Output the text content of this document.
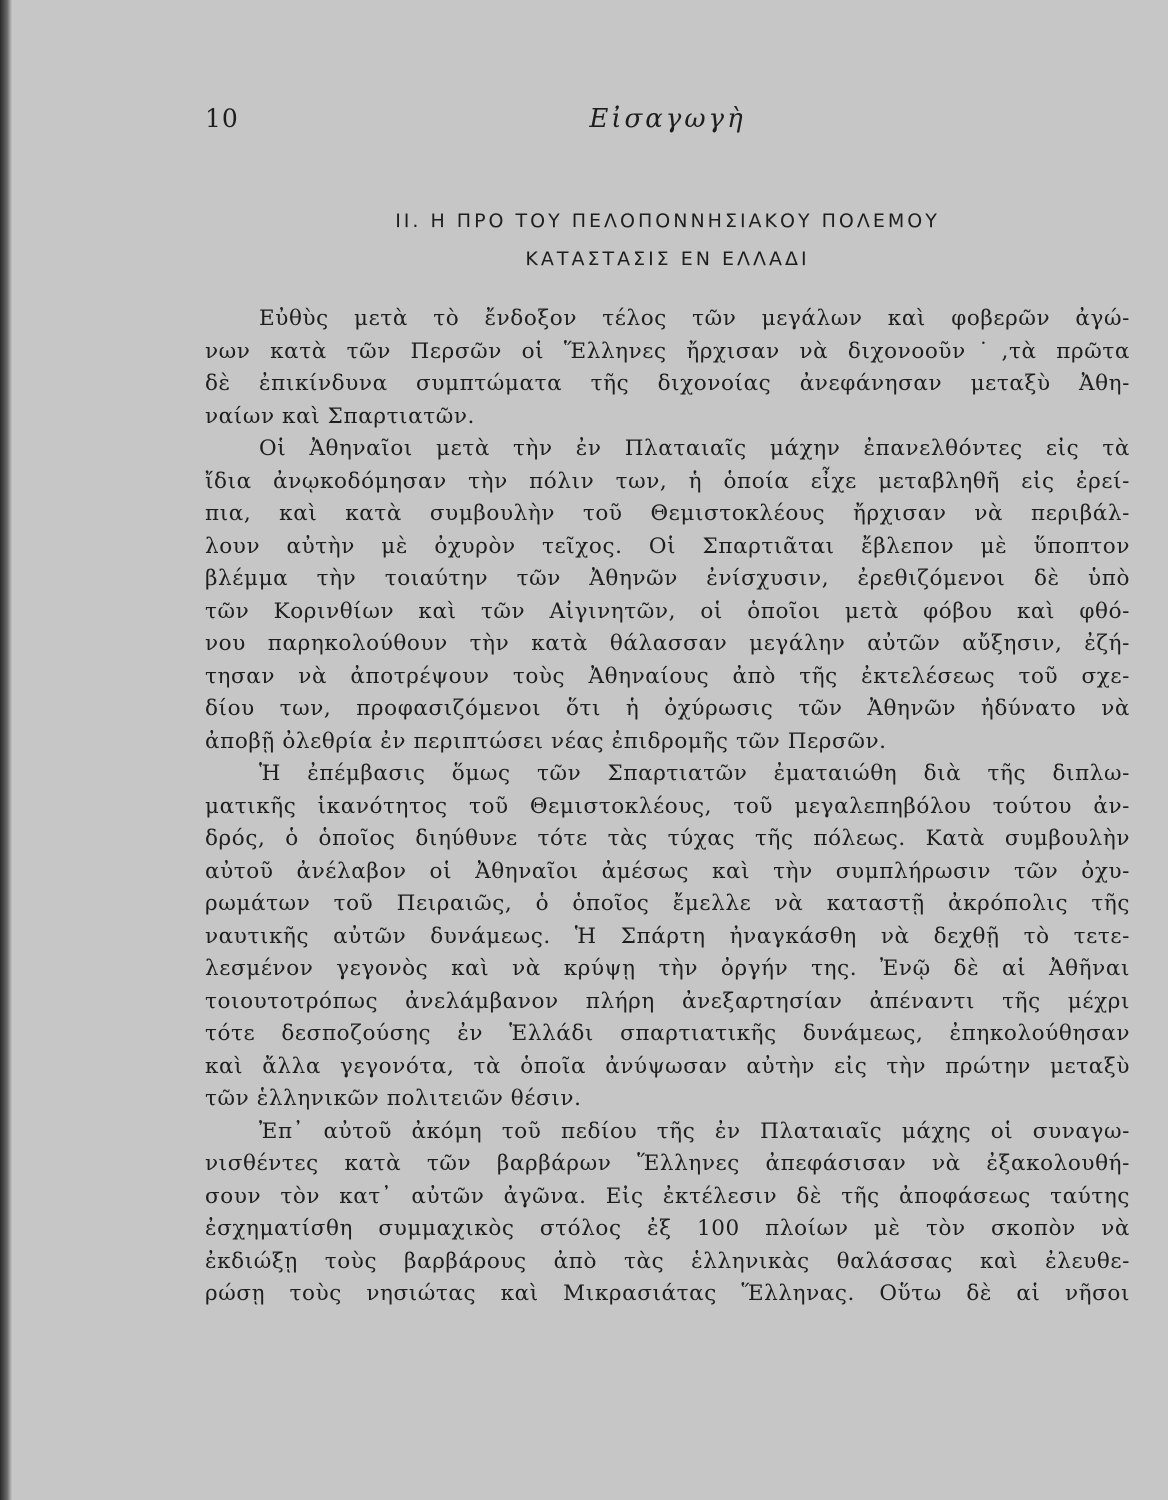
10	Εἰσαγωγὴ
ΙΙ. Η ΠΡΟ ΤΟΥ ΠΕΛΟΠΟΝΝΗΣΙΑΚΟΥ ΠΟΛΕΜΟΥ
ΚΑΤΑΣΤΑΣΙΣ ΕΝ ΕΛΛΑΔΙ
Εὐθὺς μετὰ τὸ ἔνδοξον τέλος τῶν μεγάλων καὶ φοβερῶν ἀγώ-
νων κατὰ τῶν Περσῶν οἱ Ἕλληνες ἤρχισαν νὰ διχονοοῦν˙,τὰ πρῶτα
δὲ ἐπικίνδυνα συμπτώματα τῆς διχονοίας ἀνεφάνησαν μεταξὺ Ἀθη-
ναίων καὶ Σπαρτιατῶν.
Οἱ Ἀθηναῖοι μετὰ τὴν ἐν Πλαταιαῖς μάχην ἐπανελθόντες εἰς τὰ
ἴδια ἀνῳκοδόμησαν τὴν πόλιν των, ἡ ὁποία εἶχε μεταβληθῆ εἰς ἐρεί-
πια, καὶ κατὰ συμβουλὴν τοῦ Θεμιστοκλέους ἤρχισαν νὰ περιβάλ-
λουν αὐτὴν μὲ ὀχυρὸν τεῖχος. Οἱ Σπαρτιᾶται ἔβλεπον μὲ ὕποπτον
βλέμμα τὴν τοιαύτην τῶν Ἀθηνῶν ἐνίσχυσιν, ἐρεθιζόμενοι δὲ ὑπὸ
τῶν Κορινθίων καὶ τῶν Αἰγινητῶν, οἱ ὁποῖοι μετὰ φόβου καὶ φθό-
νου παρηκολούθουν τὴν κατὰ θάλασσαν μεγάλην αὐτῶν αὔξησιν, ἐζή-
τησαν νὰ ἀποτρέψουν τοὺς Ἀθηναίους ἀπὸ τῆς ἐκτελέσεως τοῦ σχε-
δίου των, προφασιζόμενοι ὅτι ἡ ὀχύρωσις τῶν Ἀθηνῶν ἠδύνατο νὰ
ἀποβῇ ὀλεθρία ἐν περιπτώσει νέας ἐπιδρομῆς τῶν Περσῶν.
Ἡ ἐπέμβασις ὅμως τῶν Σπαρτιατῶν ἐματαιώθη διὰ τῆς διπλω-
ματικῆς ἱκανότητος τοῦ Θεμιστοκλέους, τοῦ μεγαλεπηβόλου τούτου ἀν-
δρός, ὁ ὁποῖος διηύθυνε τότε τὰς τύχας τῆς πόλεως. Κατὰ συμβουλὴν
αὐτοῦ ἀνέλαβον οἱ Ἀθηναῖοι ἀμέσως καὶ τὴν συμπλήρωσιν τῶν ὀχυ-
ρωμάτων τοῦ Πειραιῶς, ὁ ὁποῖος ἔμελλε νὰ καταστῇ ἀκρόπολις τῆς
ναυτικῆς αὐτῶν δυνάμεως. Ἡ Σπάρτη ἠναγκάσθη νὰ δεχθῇ τὸ τετε-
λεσμένον γεγονὸς καὶ νὰ κρύψῃ τὴν ὀργήν της. Ἐνῷ δὲ αἱ Ἀθῆναι
τοιουτοτρόπως ἀνελάμβανον πλήρη ἀνεξαρτησίαν ἀπέναντι τῆς μέχρι
τότε δεσποζούσης ἐν Ἑλλάδι σπαρτιατικῆς δυνάμεως, ἐπηκολούθησαν
καὶ ἄλλα γεγονότα, τὰ ὁποῖα ἀνύψωσαν αὐτὴν εἰς τὴν πρώτην μεταξὺ
τῶν ἑλληνικῶν πολιτειῶν θέσιν.
Ἐπ᾿ αὐτοῦ ἀκόμη τοῦ πεδίου τῆς ἐν Πλαταιαῖς μάχης οἱ συναγω-
νισθέντες κατὰ τῶν βαρβάρων Ἕλληνες ἀπεφάσισαν νὰ ἐξακολουθή-
σουν τὸν κατ᾿ αὐτῶν ἀγῶνα. Εἰς ἐκτέλεσιν δὲ τῆς ἀποφάσεως ταύτης
ἐσχηματίσθη συμμαχικὸς στόλος ἐξ 100 πλοίων μὲ τὸν σκοπὸν νὰ
ἐκδιώξῃ τοὺς βαρβάρους ἀπὸ τὰς ἑλληνικὰς θαλάσσας καὶ ἐλευθε-
ρώσῃ τοὺς νησιώτας καὶ Μικρασιάτας Ἕλληνας. Οὕτω δὲ αἱ νῆσοι
